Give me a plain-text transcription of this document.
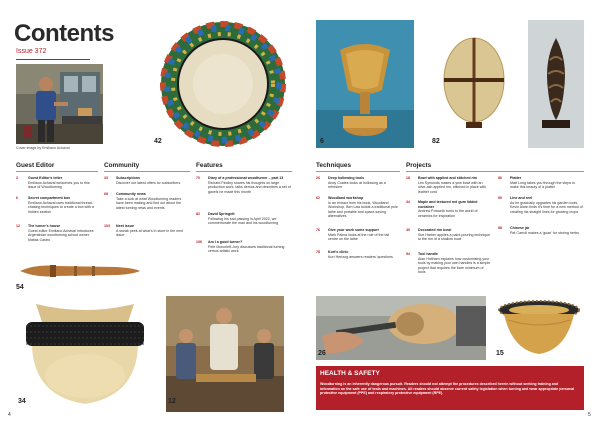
Contents
Issue 372
Cover image by Emiliano Achaval
42	6	82
Guest Editor	Community	Features	Techniques	Projects
3	Guest Editor's letter
Emiliano Achaval welcomes you to this issue of Woodturning
6	Secret compartment box
Emiliano Achaval uses traditional thread-chasing techniques to create a box with a hidden section
12 The turner's house
Guest editor Emiliano Achaval introduces Argentinian woodturning school owner Matias Castro
33 Subscriptions
Discover our latest offers for subscribers
68 Community news
Take a look at what Woodturning readers have been making and find out about the latest turning news and events
103 Next issue
A sneak peek at what's in store in the next issue
70 Diary of a professional woodturner – part 13
Richard Findley shares his thoughts on large production work, talks demos and describes a set of gavels he made this month
82 David Springett
Following his sad passing in April 2022, we commemorate the man and his woodturning
106 Am I a good turner?
Pete Moncrieff-Jury discusses traditional turning versus artistic work
26 Deep hollowing tools
Andy Coates looks at hollowing as a refresher
62 Woodland workshop
In an extract from his book, Woodland Workshop, Ben Law builds a traditional pole lathe and portable and space-saving alternatives
76 Give your work some support
Mark Palma looks at the role of the tail centre on the lathe
78 Kurt's clinic
Kurt Hertzog answers readers' questions
18 Bowl with applied and stitched rim
Les Symonds makes a yew bowl with an olive-ash applied rim, stitched in place with leather cord
34 Maple and textured red gum lidded container
Andrew Potocnik turns to the world of ceramics for inspiration
40 Decorated rim bowl
Sue Harker applies a paint-pouring technique to the rim of a shallow bowl
54 Tool handle
Alan Holtham explains how customising your tools by making your own handles is a simple project that requires the bare minimum of tools
86 Platter
Matt Long takes you through the steps to make this beauty of a platter
90 Line and reel
As he gradually upgrades his garden tools, Kevin Alwin finds it's time for a new method of creating his straight lines for growing crops
98 Chinese jar
Pat Carroll makes a 'guan' for storing herbs
54
34	12
26	15
HEALTH & SAFETY
Woodturning is an inherently dangerous pursuit. Readers should not attempt the procedures described herein without seeking training and information on the safe use of tools and machines. All readers should observe current safety legislation when turning and wear appropriate personal protective equipment (PPE) and respiratory protective equipment (RPE).
4	5
